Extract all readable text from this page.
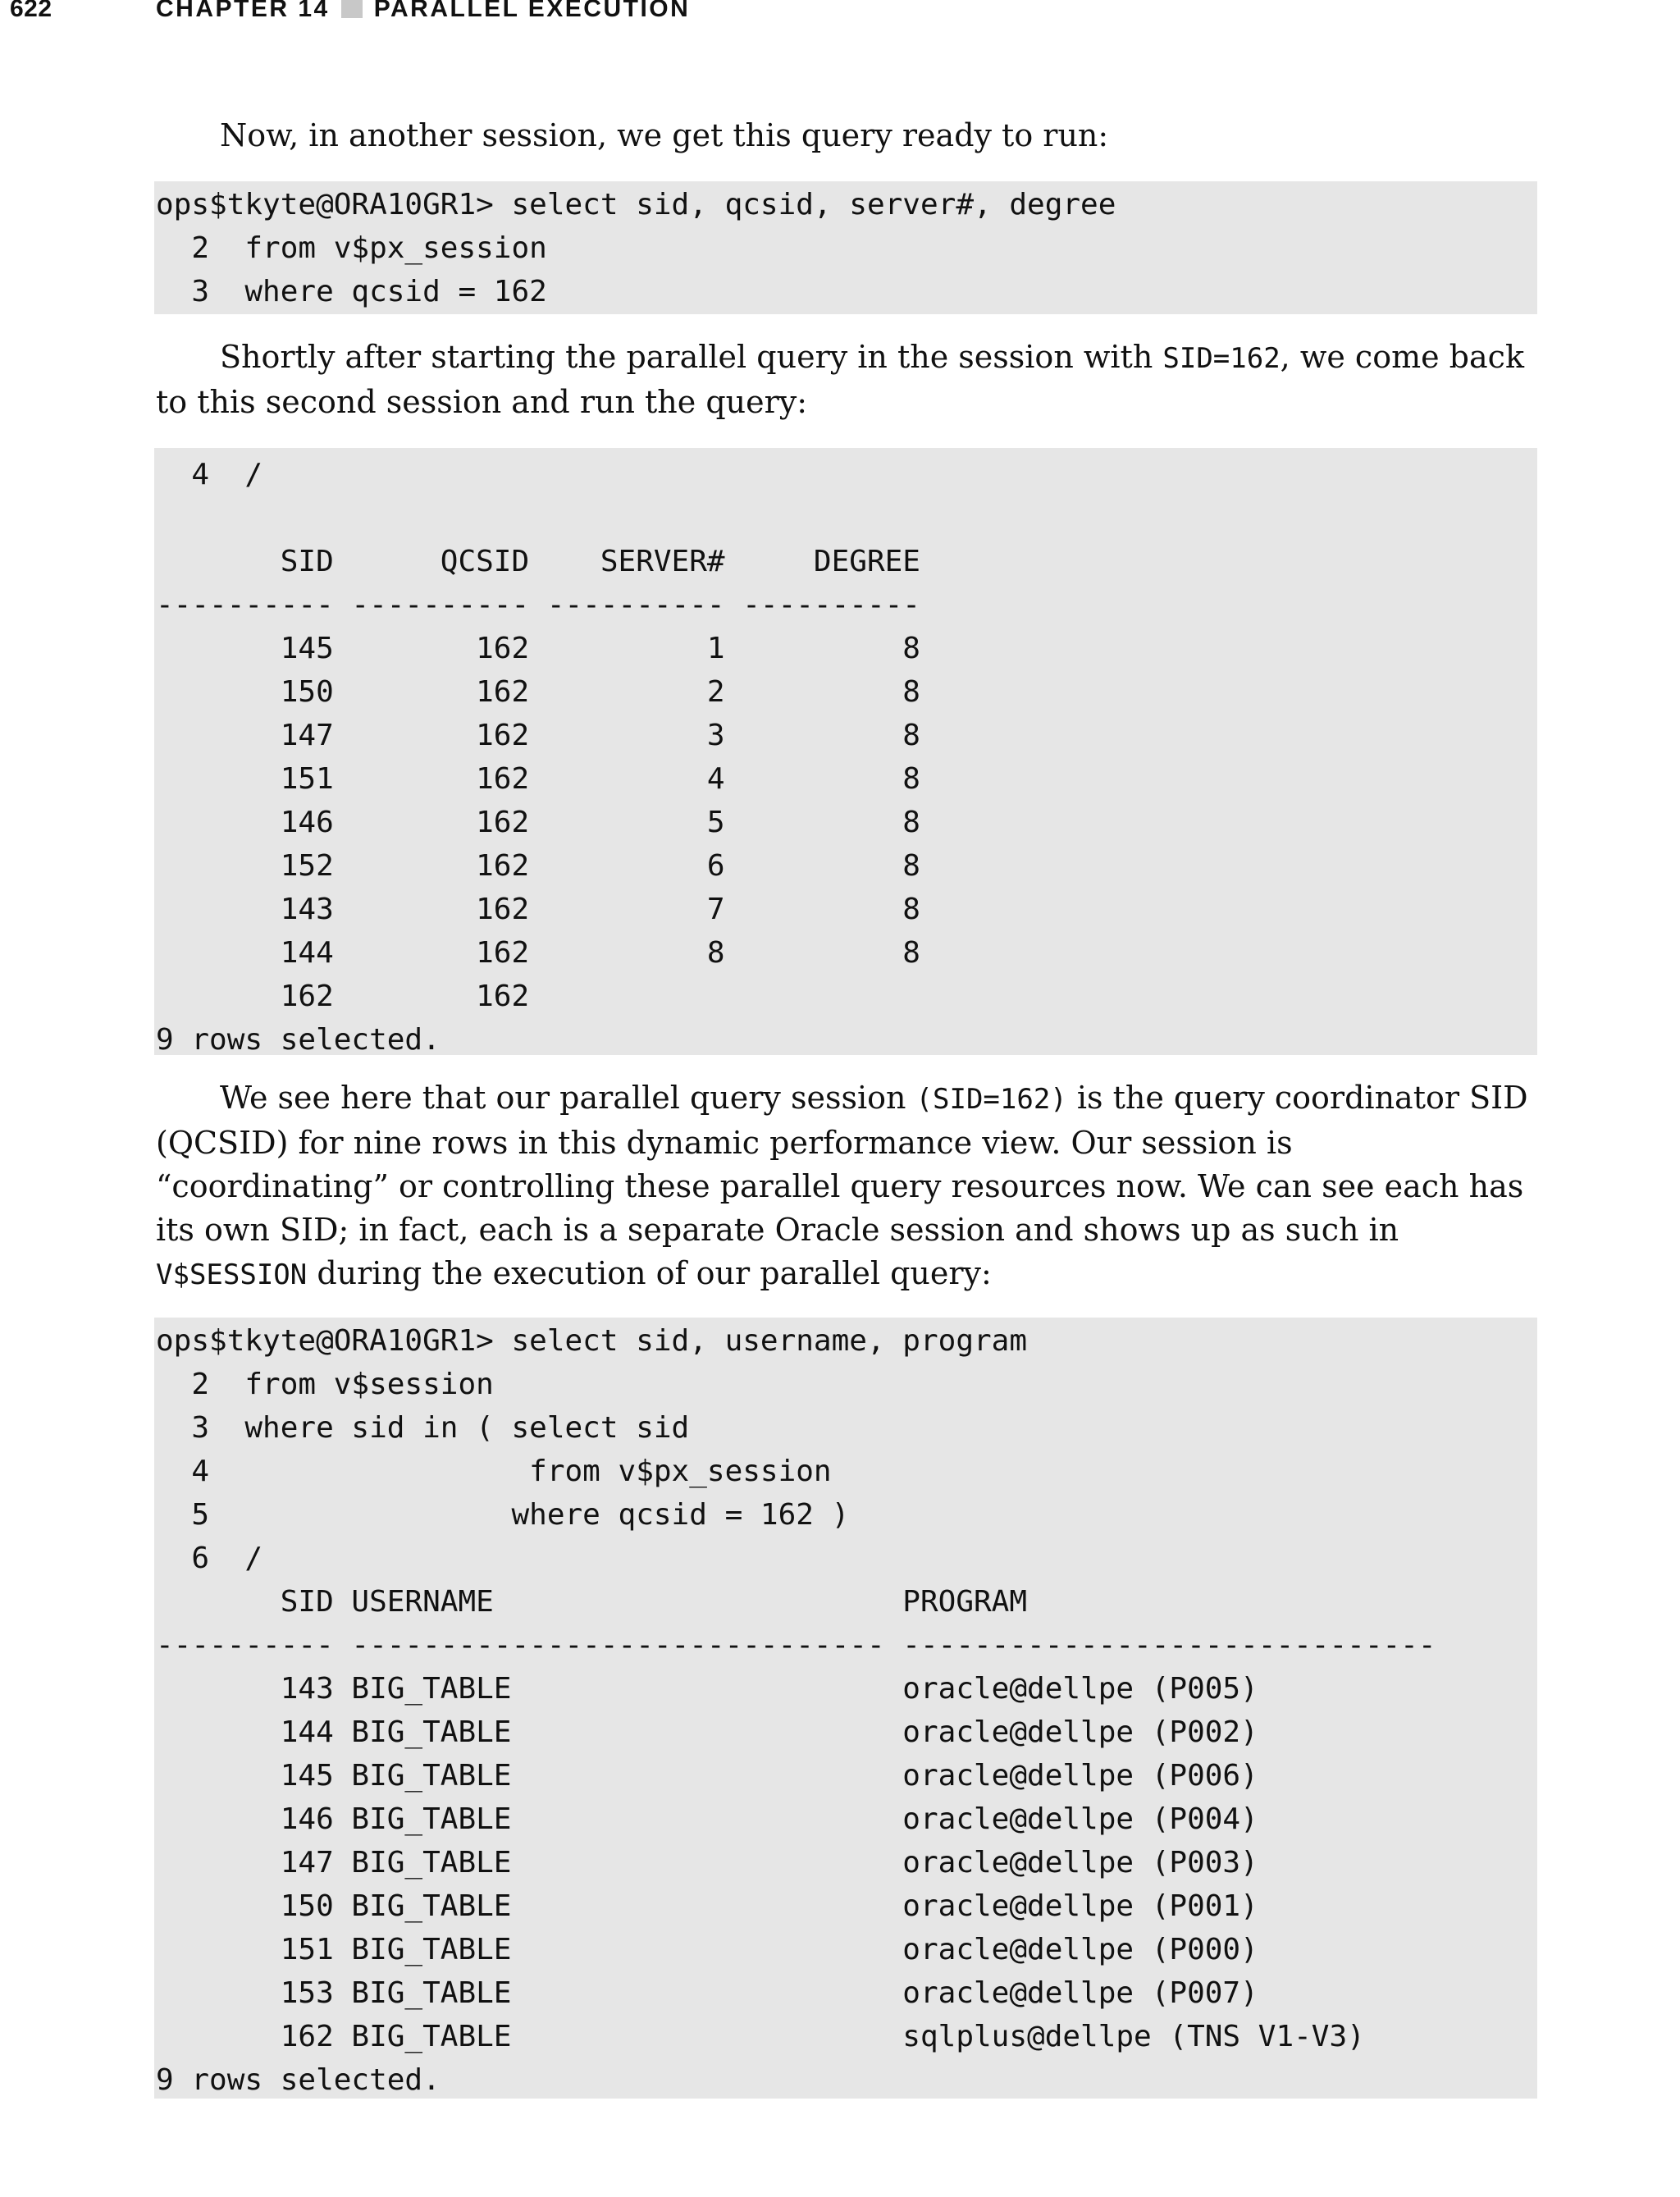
622	CHAPTER 14 PARALLEL EXECUTION

Now, in another session, we get this query ready to run:

ops$tkyte@ORA10GR1> select sid, qcsid, server#, degree
2  from v$px_session
3  where qcsid = 162

Shortly after starting the parallel query in the session with SID=162, we come back to this second session and run the query:

4  /
SID      QCSID    SERVER#     DEGREE
---------- ---------- ---------- ----------
145        162          1          8
150        162          2          8
147        162          3          8
151        162          4          8
146        162          5          8
152        162          6          8
143        162          7          8
144        162          8          8
162        162
9 rows selected.

We see here that our parallel query session (SID=162) is the query coordinator SID (QCSID) for nine rows in this dynamic performance view. Our session is “coordinating” or controlling these parallel query resources now. We can see each has its own SID; in fact, each is a separate Oracle session and shows up as such in V$SESSION during the execution of our parallel query:

ops$tkyte@ORA10GR1> select sid, username, program
2  from v$session
3  where sid in ( select sid
4                  from v$px_session
5                 where qcsid = 162 )
6  /
SID USERNAME                       PROGRAM
---------- ------------------------------ ------------------------------
143 BIG_TABLE                      oracle@dellpe (P005)
144 BIG_TABLE                      oracle@dellpe (P002)
145 BIG_TABLE                      oracle@dellpe (P006)
146 BIG_TABLE                      oracle@dellpe (P004)
147 BIG_TABLE                      oracle@dellpe (P003)
150 BIG_TABLE                      oracle@dellpe (P001)
151 BIG_TABLE                      oracle@dellpe (P000)
153 BIG_TABLE                      oracle@dellpe (P007)
162 BIG_TABLE                      sqlplus@dellpe (TNS V1-V3)
9 rows selected.
